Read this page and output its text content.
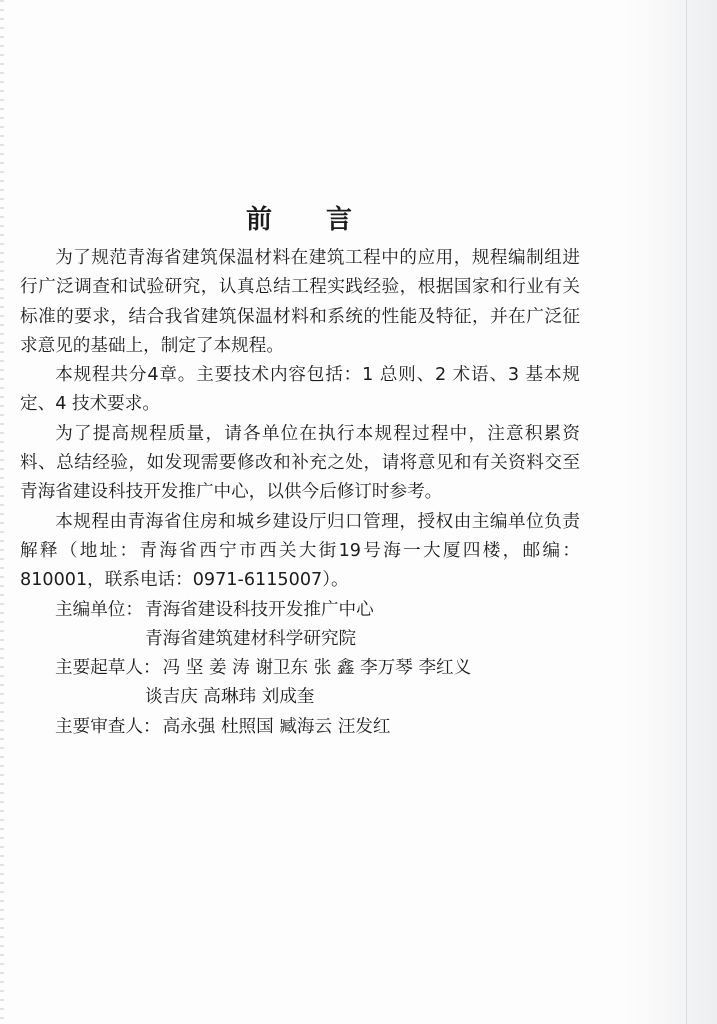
前 言

为了规范青海省建筑保温材料在建筑工程中的应用，规程编制组进行广泛调查和试验研究，认真总结工程实践经验，根据国家和行业有关标准的要求，结合我省建筑保温材料和系统的性能及特征，并在广泛征求意见的基础上，制定了本规程。

本规程共分4章。主要技术内容包括：1 总则、2 术语、3 基本规定、4 技术要求。

为了提高规程质量，请各单位在执行本规程过程中，注意积累资料、总结经验，如发现需要修改和补充之处，请将意见和有关资料交至青海省建设科技开发推广中心，以供今后修订时参考。

本规程由青海省住房和城乡建设厅归口管理，授权由主编单位负责解释（地址：青海省西宁市西关大街19号海一大厦四楼，邮编：810001，联系电话：0971-6115007）。

主编单位： 青海省建设科技开发推广中心

青海省建筑建材科学研究院

主要起草人： 冯 坚 姜 涛 谢卫东 张 鑫 李万琴 李红义

谈吉庆 高琳玮 刘成奎

主要审查人： 高永强 杜照国 臧海云 汪发红
